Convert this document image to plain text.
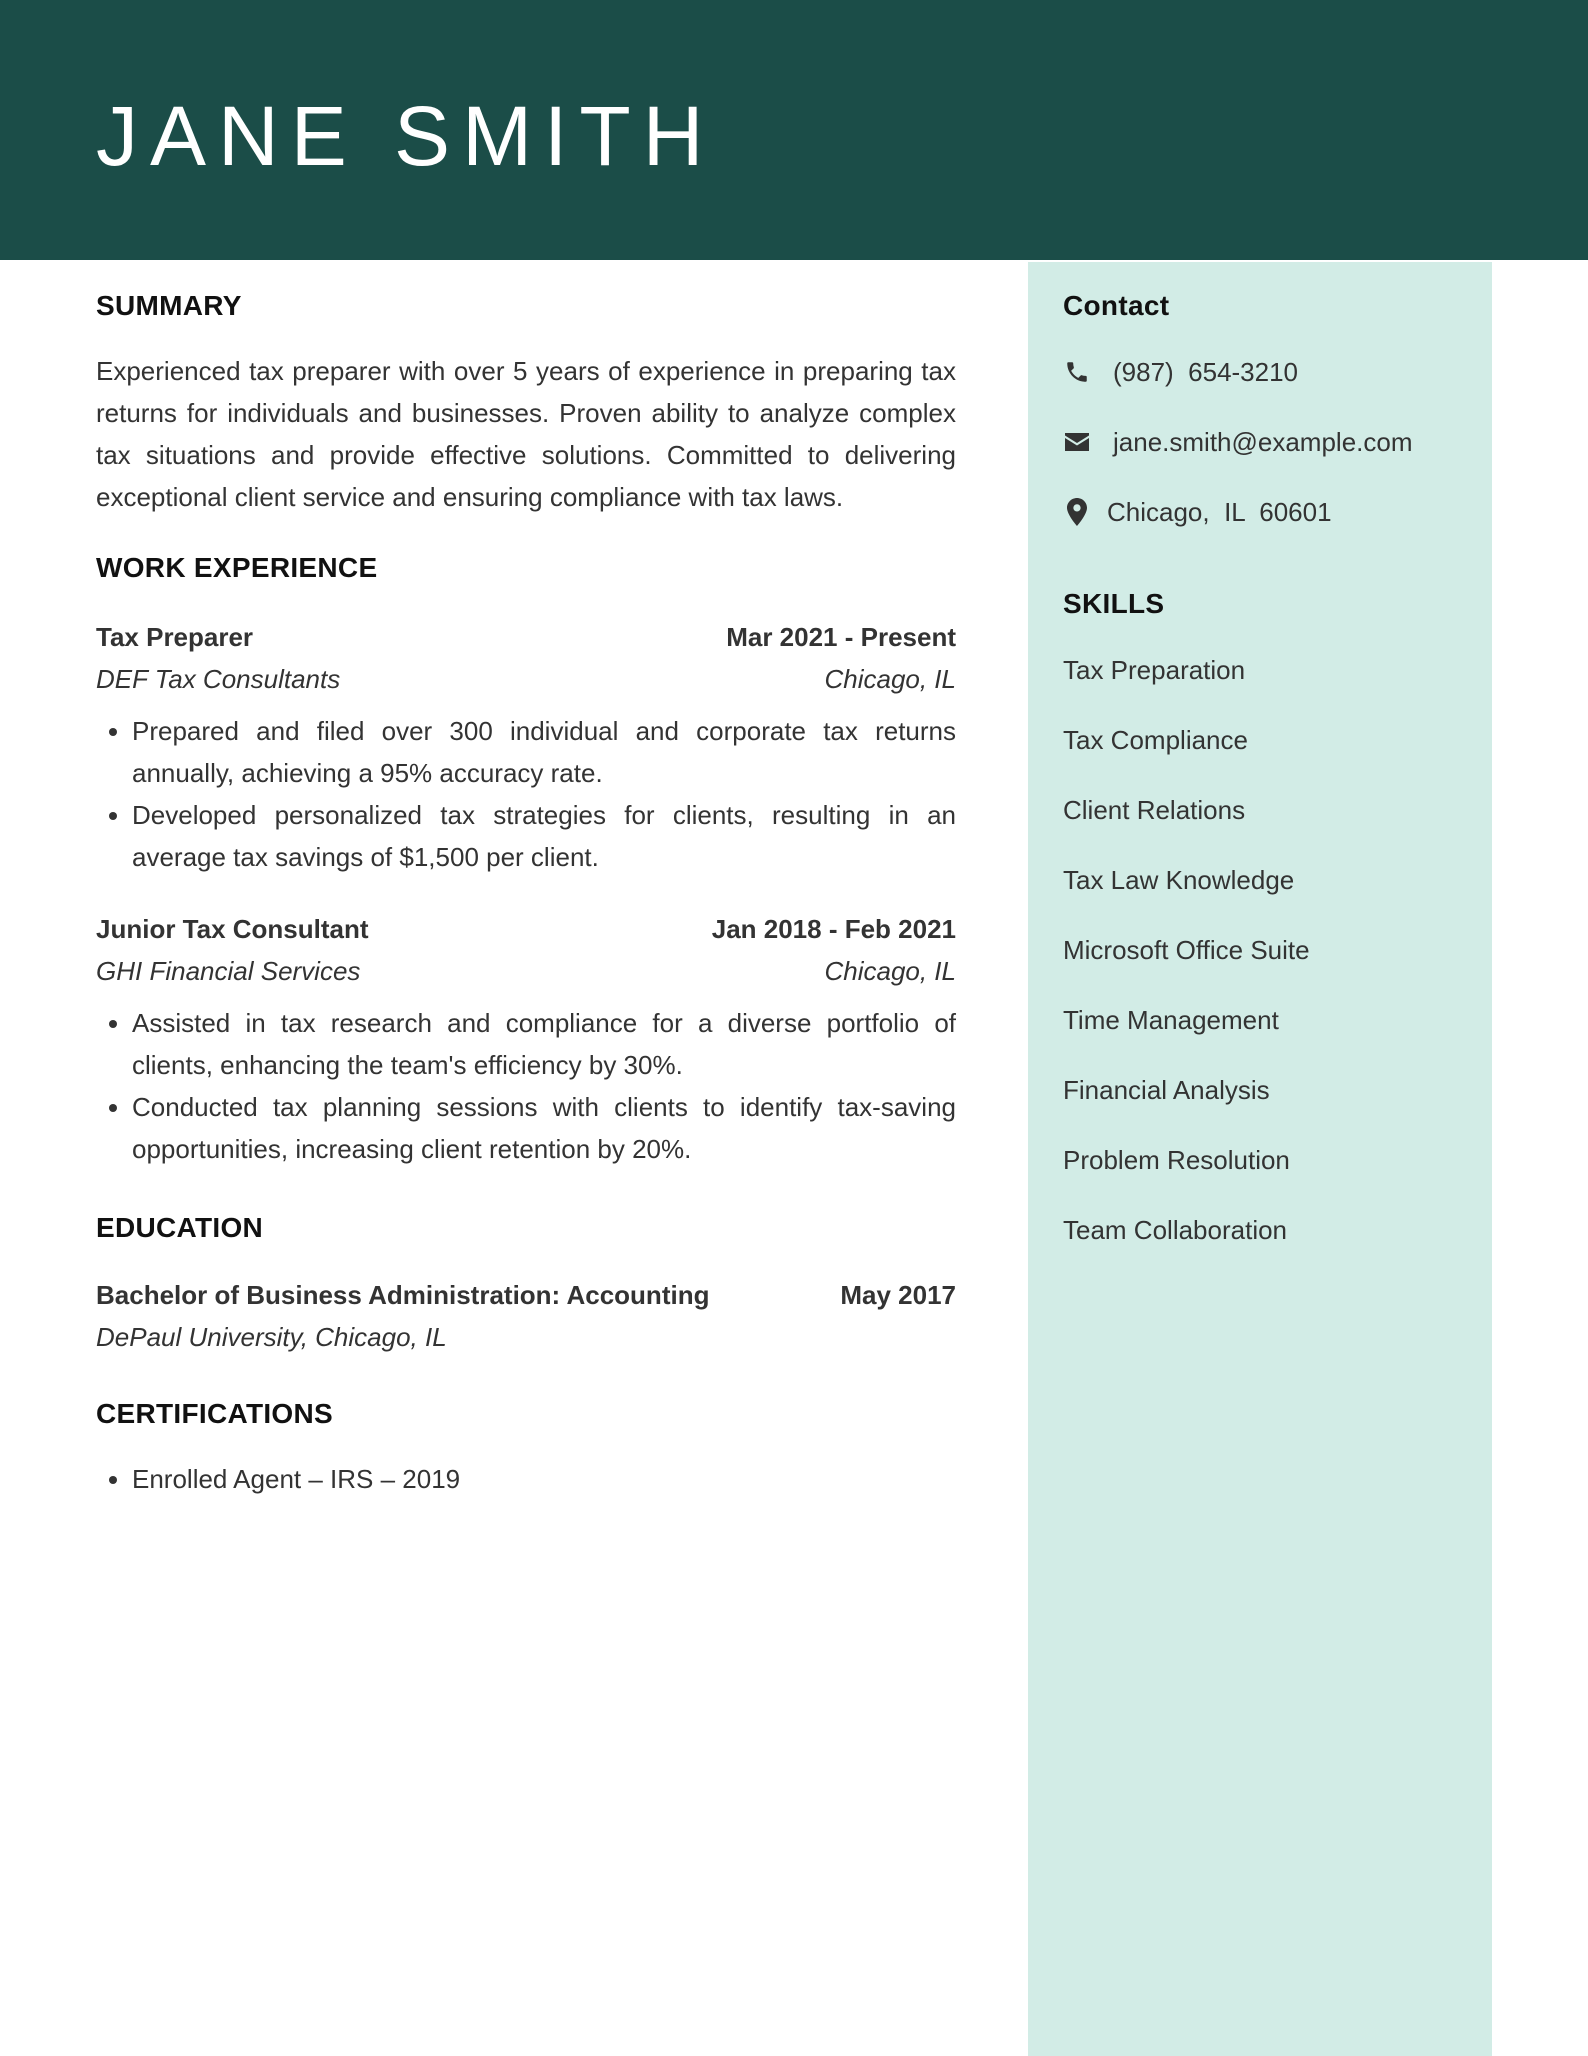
JANE SMITH
Contact
(987)  654-3210
jane.smith@example.com
Chicago,  IL  60601
SKILLS
Tax Preparation
Tax Compliance
Client Relations
Tax Law Knowledge
Microsoft Office Suite
Time Management
Financial Analysis
Problem Resolution
Team Collaboration
SUMMARY

Experienced tax preparer with over 5 years of experience in preparing tax returns for individuals and businesses. Proven ability to analyze complex tax situations and provide effective solutions. Committed to delivering exceptional client service and ensuring compliance with tax laws.

WORK EXPERIENCE
Tax Preparer	Mar 2021 - Present
DEF Tax Consultants	Chicago, IL
• Prepared and filed over 300 individual and corporate tax returns annually, achieving a 95% accuracy rate.
• Developed personalized tax strategies for clients, resulting in an average tax savings of $1,500 per client.
Junior Tax Consultant	Jan 2018 - Feb 2021
GHI Financial Services	Chicago, IL
• Assisted in tax research and compliance for a diverse portfolio of clients, enhancing the team's efficiency by 30%.
• Conducted tax planning sessions with clients to identify tax-saving opportunities, increasing client retention by 20%.
EDUCATION
Bachelor of Business Administration: Accounting	May 2017
DePaul University, Chicago, IL
CERTIFICATIONS
• Enrolled Agent – IRS – 2019
